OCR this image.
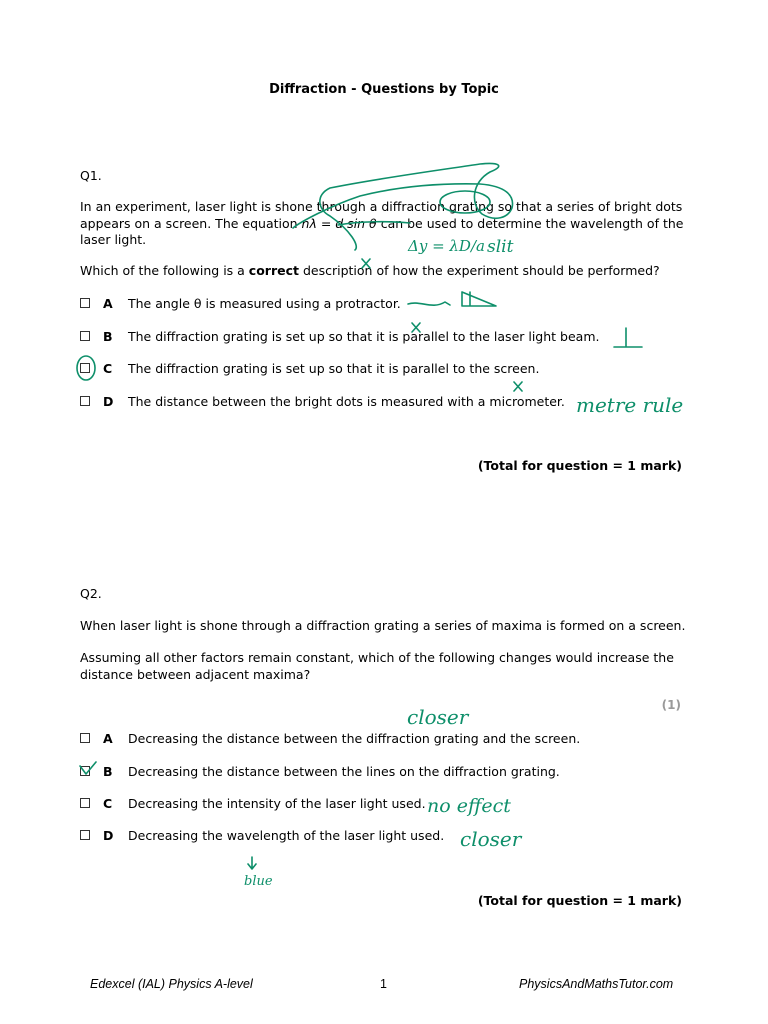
Diffraction - Questions by Topic
Q1.
In an experiment, laser light is shone through a diffraction grating so that a series of bright dots
appears on a screen. The equation nλ = d sin θ can be used to determine the wavelength of the
laser light.
Which of the following is a correct description of how the experiment should be performed?
A	The angle θ is measured using a protractor.
B	The diffraction grating is set up so that it is parallel to the laser light beam.
C	The diffraction grating is set up so that it is parallel to the screen.
D	The distance between the bright dots is measured with a micrometer.
(Total for question = 1 mark)
Q2.
When laser light is shone through a diffraction grating a series of maxima is formed on a screen.
Assuming all other factors remain constant, which of the following changes would increase the
distance between adjacent maxima?
(1)
A	Decreasing the distance between the diffraction grating and the screen.
B	Decreasing the distance between the lines on the diffraction grating.
C	Decreasing the intensity of the laser light used.
D	Decreasing the wavelength of the laser light used.
(Total for question = 1 mark)
Edexcel (IAL) Physics A-level	1	PhysicsAndMathsTutor.com
Δy = λD/a slit
metre rule
closer
no effect
closer
blue
